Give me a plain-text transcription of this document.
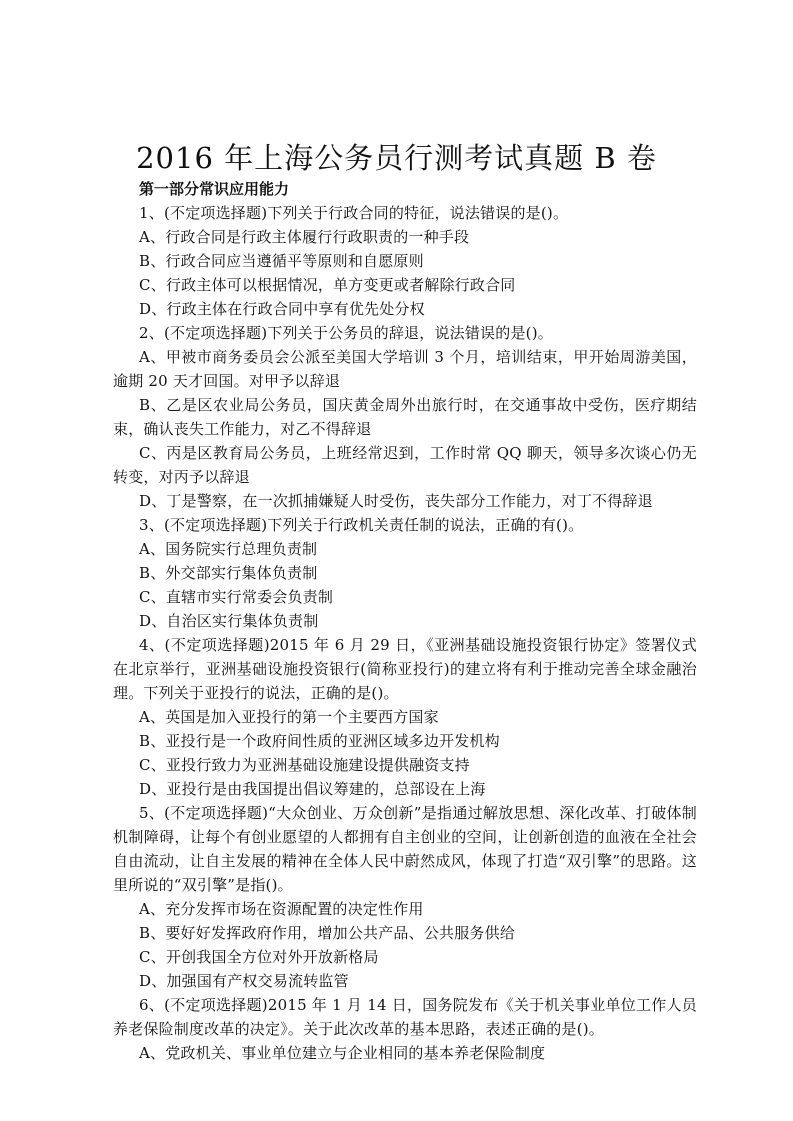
2016 年上海公务员行测考试真题 B 卷
第一部分常识应用能力

1、(不定项选择题)下列关于行政合同的特征，说法错误的是()。

A、行政合同是行政主体履行行政职责的一种手段

B、行政合同应当遵循平等原则和自愿原则

C、行政主体可以根据情况，单方变更或者解除行政合同

D、行政主体在行政合同中享有优先处分权

2、(不定项选择题)下列关于公务员的辞退，说法错误的是()。

A、甲被市商务委员会公派至美国大学培训 3 个月，培训结束，甲开始周游美国，逾期 20 天才回国。对甲予以辞退

B、乙是区农业局公务员，国庆黄金周外出旅行时，在交通事故中受伤，医疗期结束，确认丧失工作能力，对乙不得辞退

C、丙是区教育局公务员，上班经常迟到，工作时常 QQ 聊天，领导多次谈心仍无转变，对丙予以辞退

D、丁是警察，在一次抓捕嫌疑人时受伤，丧失部分工作能力，对丁不得辞退

3、(不定项选择题)下列关于行政机关责任制的说法，正确的有()。

A、国务院实行总理负责制

B、外交部实行集体负责制

C、直辖市实行常委会负责制

D、自治区实行集体负责制

4、(不定项选择题)2015 年 6 月 29 日，《亚洲基础设施投资银行协定》签署仪式在北京举行，亚洲基础设施投资银行(简称亚投行)的建立将有利于推动完善全球金融治理。下列关于亚投行的说法，正确的是()。

A、英国是加入亚投行的第一个主要西方国家

B、亚投行是一个政府间性质的亚洲区域多边开发机构

C、亚投行致力为亚洲基础设施建设提供融资支持

D、亚投行是由我国提出倡议筹建的，总部设在上海

5、(不定项选择题)“大众创业、万众创新”是指通过解放思想、深化改革、打破体制机制障碍，让每个有创业愿望的人都拥有自主创业的空间，让创新创造的血液在全社会自由流动，让自主发展的精神在全体人民中蔚然成风，体现了打造“双引擎”的思路。这里所说的“双引擎”是指()。

A、充分发挥市场在资源配置的决定性作用

B、要好好发挥政府作用，增加公共产品、公共服务供给

C、开创我国全方位对外开放新格局

D、加强国有产权交易流转监管

6、(不定项选择题)2015 年 1 月 14 日，国务院发布《关于机关事业单位工作人员养老保险制度改革的决定》。关于此次改革的基本思路，表述正确的是()。

A、党政机关、事业单位建立与企业相同的基本养老保险制度
